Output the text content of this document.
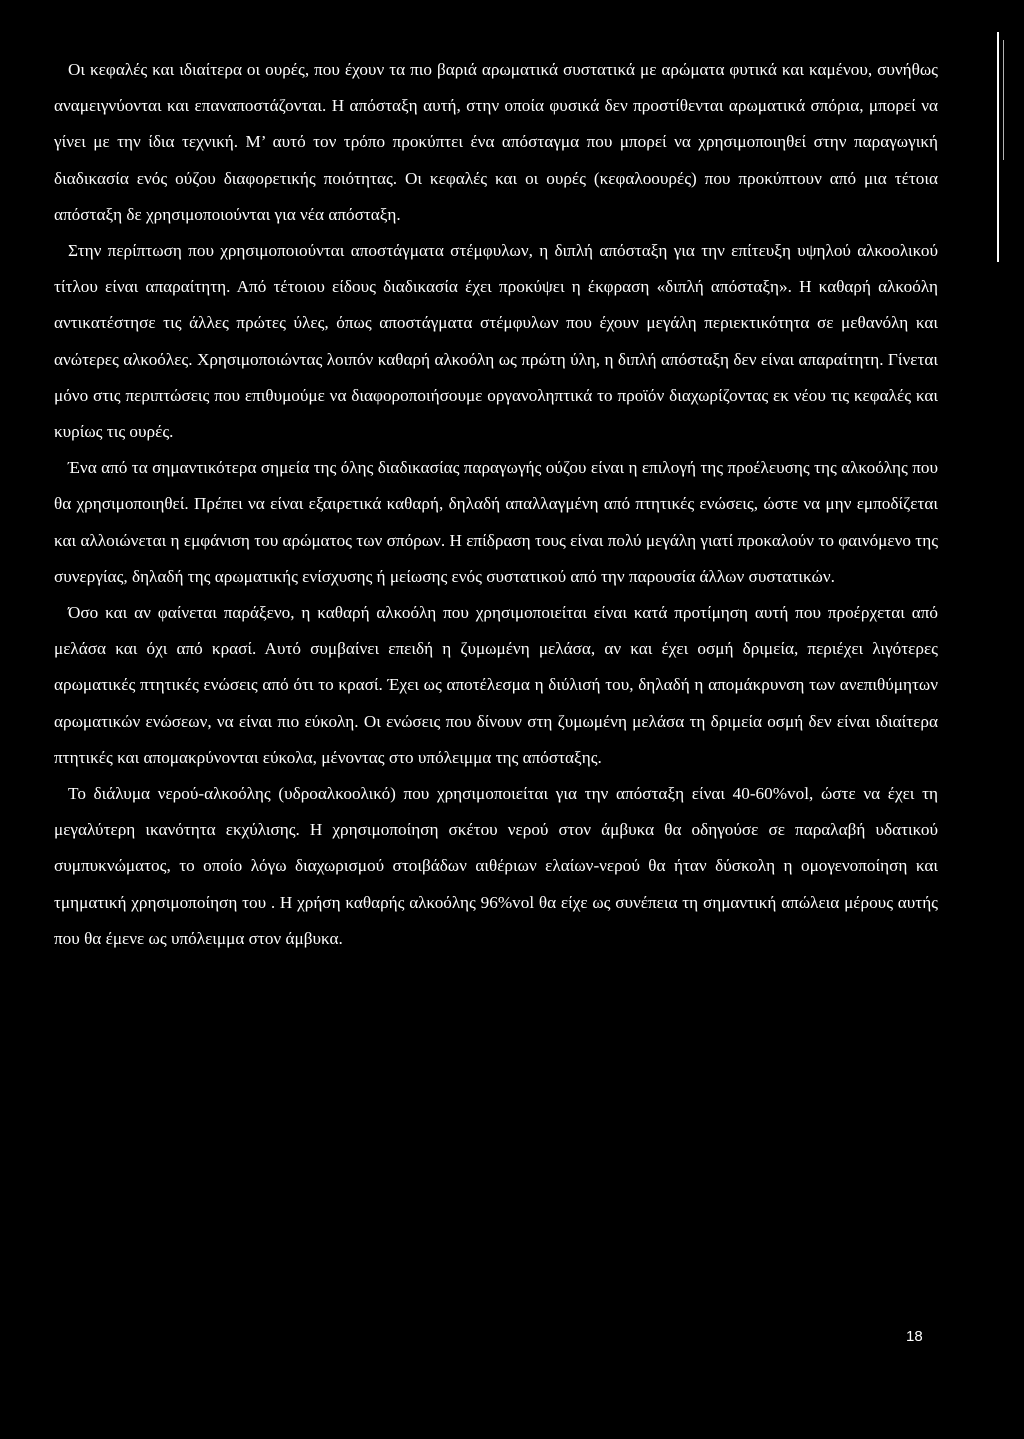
Οι κεφαλές και ιδιαίτερα οι ουρές, που έχουν τα πιο βαριά αρωματικά συστατικά με αρώματα φυτικά και καμένου, συνήθως αναμειγνύονται και επαναποστάζονται. Η απόσταξη αυτή, στην οποία φυσικά δεν προστίθενται αρωματικά σπόρια, μπορεί να γίνει με την ίδια τεχνική. Μ’ αυτό τον τρόπο προκύπτει ένα απόσταγμα που μπορεί να χρησιμοποιηθεί στην παραγωγική διαδικασία ενός ούζου διαφορετικής ποιότητας. Οι κεφαλές και οι ουρές (κεφαλοουρές) που προκύπτουν από μια τέτοια απόσταξη δε χρησιμοποιούνται για νέα απόσταξη.

Στην περίπτωση που χρησιμοποιούνται αποστάγματα στέμφυλων, η διπλή απόσταξη για την επίτευξη υψηλού αλκοολικού τίτλου είναι απαραίτητη. Από τέτοιου είδους διαδικασία έχει προκύψει η έκφραση «διπλή απόσταξη». Η καθαρή αλκοόλη αντικατέστησε τις άλλες πρώτες ύλες, όπως αποστάγματα στέμφυλων που έχουν μεγάλη περιεκτικότητα σε μεθανόλη και ανώτερες αλκοόλες. Χρησιμοποιώντας λοιπόν καθαρή αλκοόλη ως πρώτη ύλη, η διπλή απόσταξη δεν είναι απαραίτητη. Γίνεται μόνο στις περιπτώσεις που επιθυμούμε να διαφοροποιήσουμε οργανοληπτικά το προϊόν διαχωρίζοντας εκ νέου τις κεφαλές και κυρίως τις ουρές.

Ένα από τα σημαντικότερα σημεία της όλης διαδικασίας παραγωγής ούζου είναι η επιλογή της προέλευσης της αλκοόλης που θα χρησιμοποιηθεί. Πρέπει να είναι εξαιρετικά καθαρή, δηλαδή απαλλαγμένη από πτητικές ενώσεις, ώστε να μην εμποδίζεται και αλλοιώνεται η εμφάνιση του αρώματος των σπόρων. Η επίδραση τους είναι πολύ μεγάλη γιατί προκαλούν το φαινόμενο της συνεργίας, δηλαδή της αρωματικής ενίσχυσης ή μείωσης ενός συστατικού από την παρουσία άλλων συστατικών.

Όσο και αν φαίνεται παράξενο, η καθαρή αλκοόλη που χρησιμοποιείται είναι κατά προτίμηση αυτή που προέρχεται από μελάσα και όχι από κρασί. Αυτό συμβαίνει επειδή η ζυμωμένη μελάσα, αν και έχει οσμή δριμεία, περιέχει λιγότερες αρωματικές πτητικές ενώσεις από ότι το κρασί. Έχει ως αποτέλεσμα η διύλισή του, δηλαδή η απομάκρυνση των ανεπιθύμητων αρωματικών ενώσεων, να είναι πιο εύκολη. Οι ενώσεις που δίνουν στη ζυμωμένη μελάσα τη δριμεία οσμή δεν είναι ιδιαίτερα πτητικές και απομακρύνονται εύκολα, μένοντας στο υπόλειμμα της απόσταξης.

Το διάλυμα νερού-αλκοόλης (υδροαλκοολικό) που χρησιμοποιείται για την απόσταξη είναι 40-60%vol, ώστε να έχει τη μεγαλύτερη ικανότητα εκχύλισης. Η χρησιμοποίηση σκέτου νερού στον άμβυκα θα οδηγούσε σε παραλαβή υδατικού συμπυκνώματος, το οποίο λόγω διαχωρισμού στοιβάδων αιθέριων ελαίων-νερού θα ήταν δύσκολη η ομογενοποίηση και τμηματική χρησιμοποίηση του . Η χρήση καθαρής αλκοόλης 96%vol θα είχε ως συνέπεια τη σημαντική απώλεια μέρους αυτής που θα έμενε ως υπόλειμμα στον άμβυκα.

18
